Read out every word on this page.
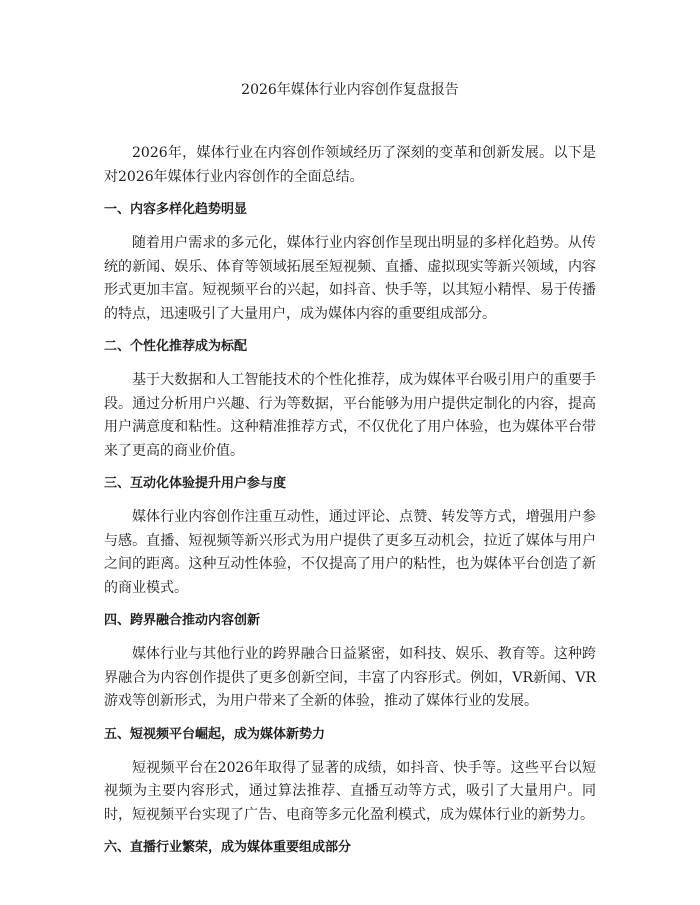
2026年媒体行业内容创作复盘报告

2026年，媒体行业在内容创作领域经历了深刻的变革和创新发展。以下是对2026年媒体行业内容创作的全面总结。

一、内容多样化趋势明显

随着用户需求的多元化，媒体行业内容创作呈现出明显的多样化趋势。从传统的新闻、娱乐、体育等领域拓展至短视频、直播、虚拟现实等新兴领域，内容形式更加丰富。短视频平台的兴起，如抖音、快手等，以其短小精悍、易于传播的特点，迅速吸引了大量用户，成为媒体内容的重要组成部分。

二、个性化推荐成为标配

基于大数据和人工智能技术的个性化推荐，成为媒体平台吸引用户的重要手段。通过分析用户兴趣、行为等数据，平台能够为用户提供定制化的内容，提高用户满意度和粘性。这种精准推荐方式，不仅优化了用户体验，也为媒体平台带来了更高的商业价值。

三、互动化体验提升用户参与度

媒体行业内容创作注重互动性，通过评论、点赞、转发等方式，增强用户参与感。直播、短视频等新兴形式为用户提供了更多互动机会，拉近了媒体与用户之间的距离。这种互动性体验，不仅提高了用户的粘性，也为媒体平台创造了新的商业模式。

四、跨界融合推动内容创新

媒体行业与其他行业的跨界融合日益紧密，如科技、娱乐、教育等。这种跨界融合为内容创作提供了更多创新空间，丰富了内容形式。例如，VR新闻、VR游戏等创新形式，为用户带来了全新的体验，推动了媒体行业的发展。

五、短视频平台崛起，成为媒体新势力

短视频平台在2026年取得了显著的成绩，如抖音、快手等。这些平台以短视频为主要内容形式，通过算法推荐、直播互动等方式，吸引了大量用户。同时，短视频平台实现了广告、电商等多元化盈利模式，成为媒体行业的新势力。

六、直播行业繁荣，成为媒体重要组成部分
